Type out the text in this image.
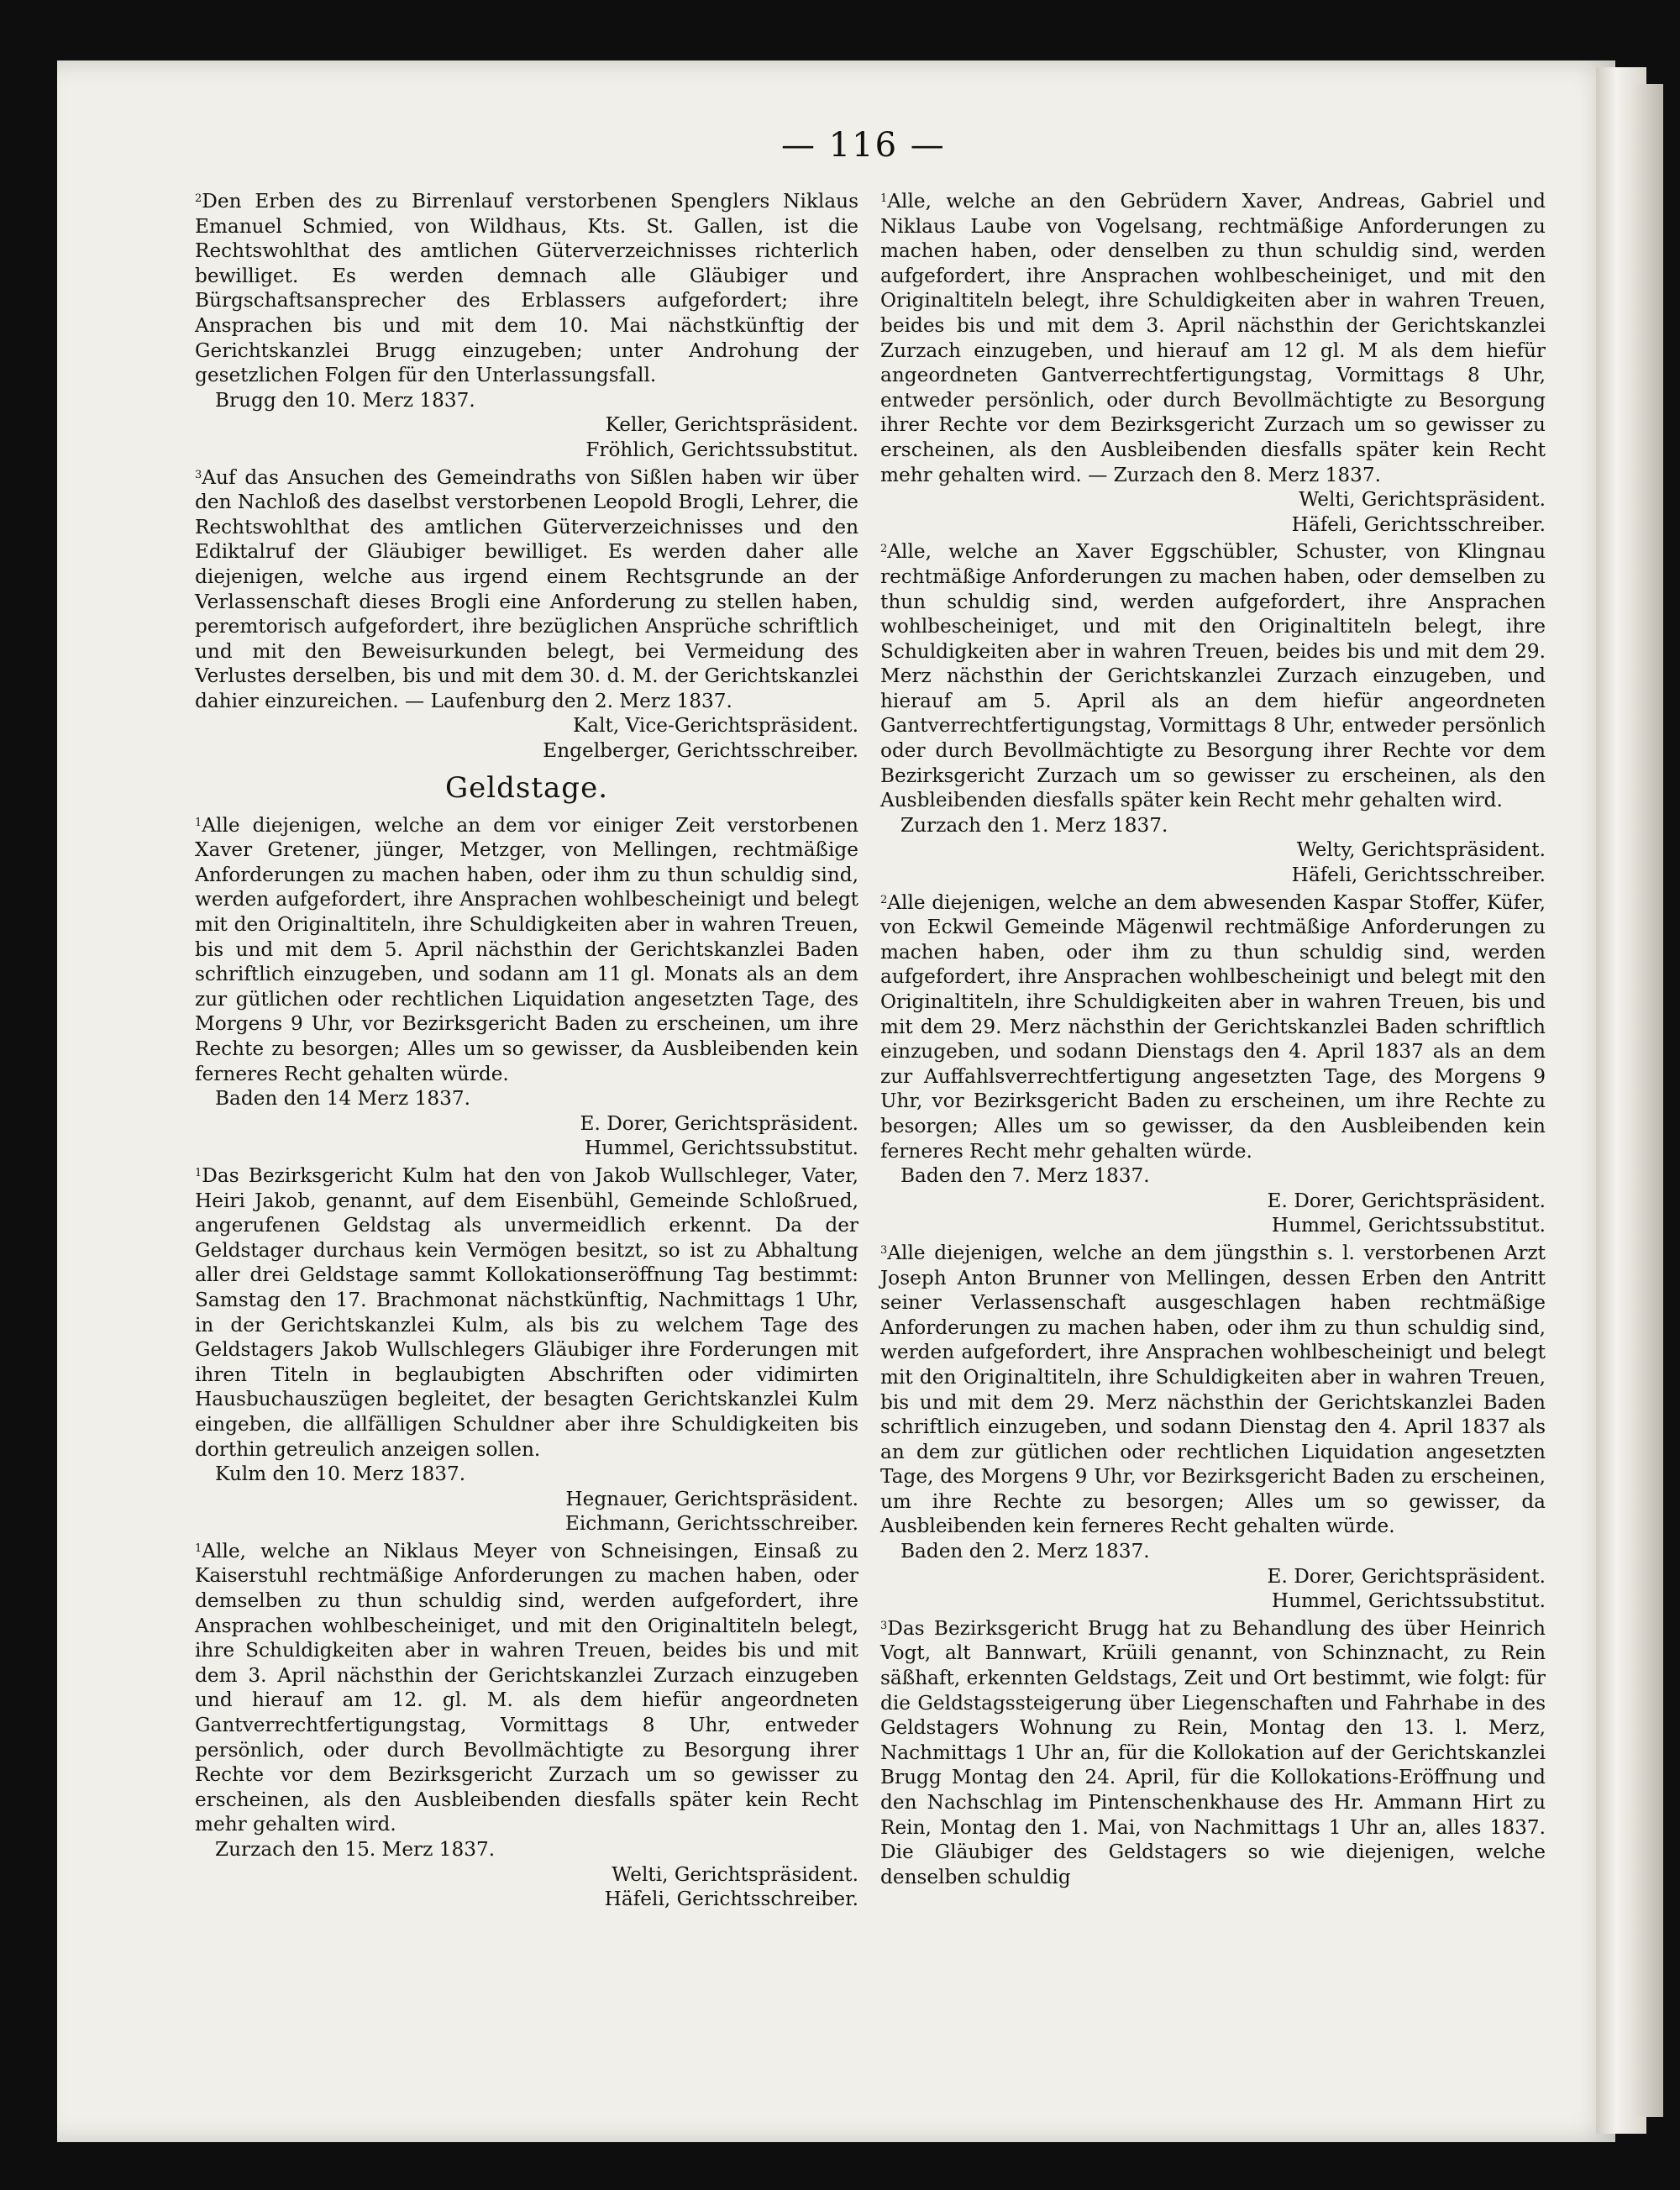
— 116 —

$^2$Den Erben des zu Birrenlauf verstorbenen Spenglers Niklaus Emanuel Schmied, von Wildhaus, Kts. St. Gallen, ist die Rechtswohlthat des amtlichen Güterverzeichnisses richterlich bewilliget. Es werden demnach alle Gläubiger und Bürgschaftsansprecher des Erblassers aufgefordert; ihre Ansprachen bis und mit dem 10. Mai nächstkünftig der Gerichtskanzlei Brugg einzugeben; unter Androhung der gesetzlichen Folgen für den Unterlassungsfall.

Brugg den 10. Merz 1837.
Keller, Gerichtspräsident.
Fröhlich, Gerichtssubstitut.

$^3$Auf das Ansuchen des Gemeindraths von Sißlen haben wir über den Nachloß des daselbst verstorbenen Leopold Brogli, Lehrer, die Rechtswohlthat des amtlichen Güterverzeichnisses und den Ediktalruf der Gläubiger bewilliget. Es werden daher alle diejenigen, welche aus irgend einem Rechtsgrunde an der Verlassenschaft dieses Brogli eine Anforderung zu stellen haben, peremtorisch aufgefordert, ihre bezüglichen Ansprüche schriftlich und mit den Beweisurkunden belegt, bei Vermeidung des Verlustes derselben, bis und mit dem 30. d. M. der Gerichtskanzlei dahier einzureichen. — Laufenburg den 2. Merz 1837.

Kalt, Vice-Gerichtspräsident.
Engelberger, Gerichtsschreiber.
Geldstage.

$^1$Alle diejenigen, welche an dem vor einiger Zeit verstorbenen Xaver Gretener, jünger, Metzger, von Mellingen, rechtmäßige Anforderungen zu machen haben, oder ihm zu thun schuldig sind, werden aufgefordert, ihre Ansprachen wohlbescheinigt und belegt mit den Originaltiteln, ihre Schuldigkeiten aber in wahren Treuen, bis und mit dem 5. April nächsthin der Gerichtskanzlei Baden schriftlich einzugeben, und sodann am 11 gl. Monats als an dem zur gütlichen oder rechtlichen Liquidation angesetzten Tage, des Morgens 9 Uhr, vor Bezirksgericht Baden zu erscheinen, um ihre Rechte zu besorgen; Alles um so gewisser, da Ausbleibenden kein ferneres Recht gehalten würde.

Baden den 14 Merz 1837.
E. Dorer, Gerichtspräsident.
Hummel, Gerichtssubstitut.

$^1$Das Bezirksgericht Kulm hat den von Jakob Wullschleger, Vater, Heiri Jakob, genannt, auf dem Eisenbühl, Gemeinde Schloßrued, angerufenen Geldstag als unvermeidlich erkennt. Da der Geldstager durchaus kein Vermögen besitzt, so ist zu Abhaltung aller drei Geldstage sammt Kollokationseröffnung Tag bestimmt: Samstag den 17. Brachmonat nächstkünftig, Nachmittags 1 Uhr, in der Gerichtskanzlei Kulm, als bis zu welchem Tage des Geldstagers Jakob Wullschlegers Gläubiger ihre Forderungen mit ihren Titeln in beglaubigten Abschriften oder vidimirten Hausbuchauszügen begleitet, der besagten Gerichtskanzlei Kulm eingeben, die allfälligen Schuldner aber ihre Schuldigkeiten bis dorthin getreulich anzeigen sollen.

Kulm den 10. Merz 1837.
Hegnauer, Gerichtspräsident.
Eichmann, Gerichtsschreiber.

$^1$Alle, welche an Niklaus Meyer von Schneisingen, Einsaß zu Kaiserstuhl rechtmäßige Anforderungen zu machen haben, oder demselben zu thun schuldig sind, werden aufgefordert, ihre Ansprachen wohlbescheiniget, und mit den Originaltiteln belegt, ihre Schuldigkeiten aber in wahren Treuen, beides bis und mit dem 3. April nächsthin der Gerichtskanzlei Zurzach einzugeben und hierauf am 12. gl. M. als dem hiefür angeordneten Gantverrechtfertigungstag, Vormittags 8 Uhr, entweder persönlich, oder durch Bevollmächtigte zu Besorgung ihrer Rechte vor dem Bezirksgericht Zurzach um so gewisser zu erscheinen, als den Ausbleibenden diesfalls später kein Recht mehr gehalten wird.

Zurzach den 15. Merz 1837.
Welti, Gerichtspräsident.
Häfeli, Gerichtsschreiber.

$^1$Alle, welche an den Gebrüdern Xaver, Andreas, Gabriel und Niklaus Laube von Vogelsang, rechtmäßige Anforderungen zu machen haben, oder denselben zu thun schuldig sind, werden aufgefordert, ihre Ansprachen wohlbescheiniget, und mit den Originaltiteln belegt, ihre Schuldigkeiten aber in wahren Treuen, beides bis und mit dem 3. April nächsthin der Gerichtskanzlei Zurzach einzugeben, und hierauf am 12 gl. M als dem hiefür angeordneten Gantverrechtfertigungstag, Vormittags 8 Uhr, entweder persönlich, oder durch Bevollmächtigte zu Besorgung ihrer Rechte vor dem Bezirksgericht Zurzach um so gewisser zu erscheinen, als den Ausbleibenden diesfalls später kein Recht mehr gehalten wird. — Zurzach den 8. Merz 1837.

Welti, Gerichtspräsident.
Häfeli, Gerichtsschreiber.

$^2$Alle, welche an Xaver Eggschübler, Schuster, von Klingnau rechtmäßige Anforderungen zu machen haben, oder demselben zu thun schuldig sind, werden aufgefordert, ihre Ansprachen wohlbescheiniget, und mit den Originaltiteln belegt, ihre Schuldigkeiten aber in wahren Treuen, beides bis und mit dem 29. Merz nächsthin der Gerichtskanzlei Zurzach einzugeben, und hierauf am 5. April als an dem hiefür angeordneten Gantverrechtfertigungstag, Vormittags 8 Uhr, entweder persönlich oder durch Bevollmächtigte zu Besorgung ihrer Rechte vor dem Bezirksgericht Zurzach um so gewisser zu erscheinen, als den Ausbleibenden diesfalls später kein Recht mehr gehalten wird.

Zurzach den 1. Merz 1837.
Welty, Gerichtspräsident.
Häfeli, Gerichtsschreiber.

$^2$Alle diejenigen, welche an dem abwesenden Kaspar Stoffer, Küfer, von Eckwil Gemeinde Mägenwil rechtmäßige Anforderungen zu machen haben, oder ihm zu thun schuldig sind, werden aufgefordert, ihre Ansprachen wohlbescheinigt und belegt mit den Originaltiteln, ihre Schuldigkeiten aber in wahren Treuen, bis und mit dem 29. Merz nächsthin der Gerichtskanzlei Baden schriftlich einzugeben, und sodann Dienstags den 4. April 1837 als an dem zur Auffahlsverrechtfertigung angesetzten Tage, des Morgens 9 Uhr, vor Bezirksgericht Baden zu erscheinen, um ihre Rechte zu besorgen; Alles um so gewisser, da den Ausbleibenden kein ferneres Recht mehr gehalten würde.

Baden den 7. Merz 1837.
E. Dorer, Gerichtspräsident.
Hummel, Gerichtssubstitut.

$^3$Alle diejenigen, welche an dem jüngsthin s. l. verstorbenen Arzt Joseph Anton Brunner von Mellingen, dessen Erben den Antritt seiner Verlassenschaft ausgeschlagen haben rechtmäßige Anforderungen zu machen haben, oder ihm zu thun schuldig sind, werden aufgefordert, ihre Ansprachen wohlbescheinigt und belegt mit den Originaltiteln, ihre Schuldigkeiten aber in wahren Treuen, bis und mit dem 29. Merz nächsthin der Gerichtskanzlei Baden schriftlich einzugeben, und sodann Dienstag den 4. April 1837 als an dem zur gütlichen oder rechtlichen Liquidation angesetzten Tage, des Morgens 9 Uhr, vor Bezirksgericht Baden zu erscheinen, um ihre Rechte zu besorgen; Alles um so gewisser, da Ausbleibenden kein ferneres Recht gehalten würde.

Baden den 2. Merz 1837.
E. Dorer, Gerichtspräsident.
Hummel, Gerichtssubstitut.

$^3$Das Bezirksgericht Brugg hat zu Behandlung des über Heinrich Vogt, alt Bannwart, Krüili genannt, von Schinznacht, zu Rein säßhaft, erkennten Geldstags, Zeit und Ort bestimmt, wie folgt: für die Geldstagssteigerung über Liegenschaften und Fahrhabe in des Geldstagers Wohnung zu Rein, Montag den 13. l. Merz, Nachmittags 1 Uhr an, für die Kollokation auf der Gerichtskanzlei Brugg Montag den 24. April, für die Kollokations-Eröffnung und den Nachschlag im Pintenschenkhause des Hr. Ammann Hirt zu Rein, Montag den 1. Mai, von Nachmittags 1 Uhr an, alles 1837. Die Gläubiger des Geldstagers so wie diejenigen, welche denselben schuldig
